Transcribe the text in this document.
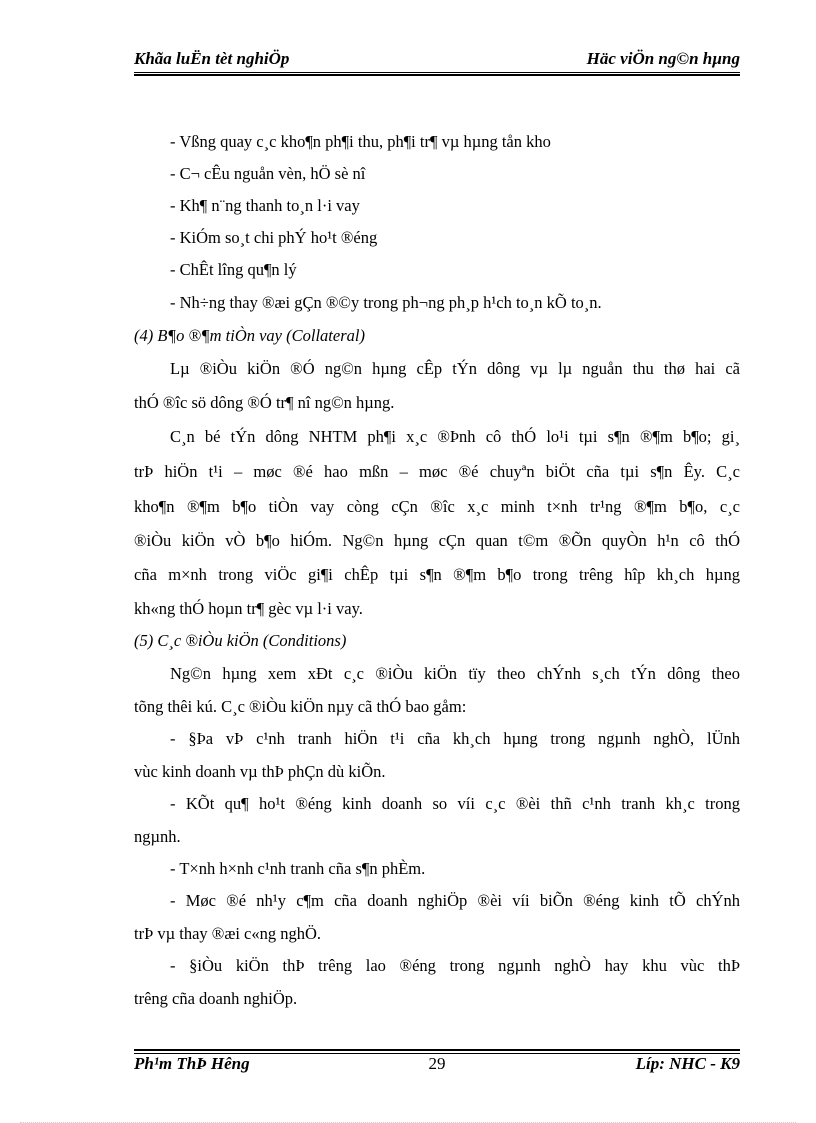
Khãa luËn tèt nghiÖp	Häc viÖn ng©n hµng

- Vßng quay c¸c kho¶n ph¶i thu, ph¶i tr¶ vµ hµng tån kho

- C¬ cÊu nguån vèn, hÖ sè nî

- Kh¶ n¨ng thanh to¸n l·i vay

- KiÓm so¸t chi phÝ ho¹t ®éng

- ChÊt lîng qu¶n lý

- Nh÷ng thay ®æi gÇn ®©y trong ph¬ng ph¸p h¹ch to¸n kÕ to¸n.

(4) B¶o ®¶m tiÒn vay (Collateral)

Lµ ®iÒu kiÖn ®Ó ng©n hµng cÊp tÝn dông vµ lµ nguån thu thø hai cã

thÓ ®îc sö dông ®Ó tr¶ nî ng©n hµng.

C¸n bé tÝn dông NHTM ph¶i x¸c ®Þnh cô thÓ lo¹i tµi s¶n ®¶m b¶o; gi¸

trÞ hiÖn t¹i – møc ®é hao mßn – møc ®é chuyªn biÖt cña tµi s¶n Êy. C¸c

kho¶n ®¶m b¶o tiÒn vay còng cÇn ®îc x¸c minh t×nh tr¹ng ®¶m b¶o, c¸c

®iÒu kiÖn vÒ b¶o hiÓm. Ng©n hµng cÇn quan t©m ®Õn quyÒn h¹n cô thÓ

cña m×nh trong viÖc gi¶i chÊp tµi s¶n ®¶m b¶o trong trêng hîp kh¸ch hµng

kh«ng thÓ hoµn tr¶ gèc vµ l·i vay.

(5) C¸c ®iÒu kiÖn (Conditions)

Ng©n hµng xem xÐt c¸c ®iÒu kiÖn tïy theo chÝnh s¸ch tÝn dông theo

tõng thêi kú. C¸c ®iÒu kiÖn nµy cã thÓ bao gåm:

- §Þa vÞ c¹nh tranh hiÖn t¹i cña kh¸ch hµng trong ngµnh nghÒ, lÜnh

vùc kinh doanh vµ thÞ phÇn dù kiÕn.

- KÕt qu¶ ho¹t ®éng kinh doanh so víi c¸c ®èi thñ c¹nh tranh kh¸c trong

ngµnh.

- T×nh h×nh c¹nh tranh cña s¶n phÈm.

- Møc ®é nh¹y c¶m cña doanh nghiÖp ®èi víi biÕn ®éng kinh tÕ chÝnh

trÞ vµ thay ®æi c«ng nghÖ.

- §iÒu kiÖn thÞ trêng lao ®éng trong ngµnh nghÒ hay khu vùc thÞ

trêng cña doanh nghiÖp.

Ph¹m ThÞ Hêng	29	Líp: NHC - K9
